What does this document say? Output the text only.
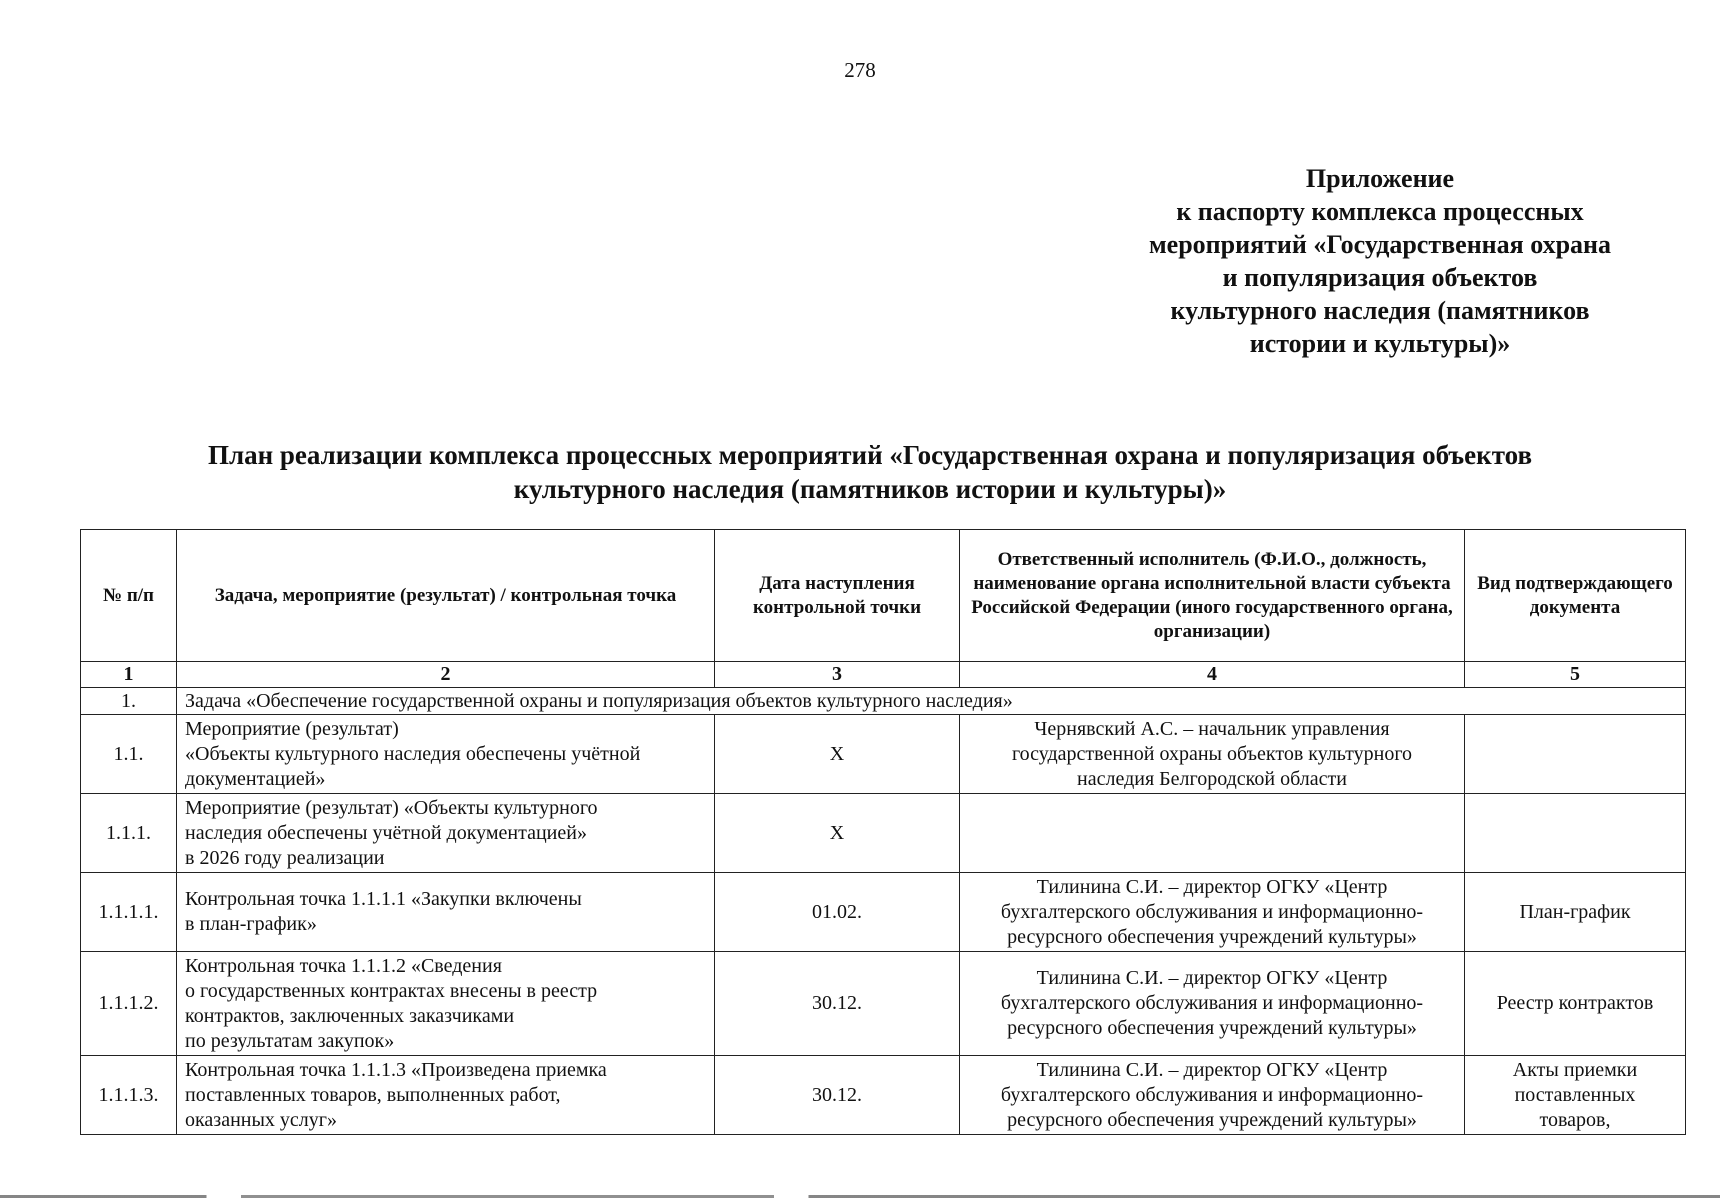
278
Приложение
к паспорту комплекса процессных
мероприятий «Государственная охрана
и популяризация объектов
культурного наследия (памятников
истории и культуры)»
План реализации комплекса процессных мероприятий «Государственная охрана и популяризация объектов
культурного наследия (памятников истории и культуры)»
№ п/п	Задача, мероприятие (результат) / контрольная точка	Дата наступления контрольной точки	Ответственный исполнитель (Ф.И.О., должность, наименование органа исполнительной власти субъекта Российской Федерации (иного государственного органа, организации)	Вид подтверждающего документа
1	2	3	4	5
1.	Задача «Обеспечение государственной охраны и популяризация объектов культурного наследия»			
1.1.	Мероприятие (результат)
«Объекты культурного наследия обеспечены учётной
документацией»	X	Чернявский А.С. – начальник управления
государственной охраны объектов культурного
наследия Белгородской области	

1.1.1.	Мероприятие (результат) «Объекты культурного
наследия обеспечены учётной документацией»
в 2026 году реализации	X		
1.1.1.1.	Контрольная точка 1.1.1.1 «Закупки включены
в план-график»	01.02.	Тилинина С.И. – директор ОГКУ «Центр
бухгалтерского обслуживания и информационно-
ресурсного обеспечения учреждений культуры»	План-график

1.1.1.2.	Контрольная точка 1.1.1.2 «Сведения
о государственных контрактах внесены в реестр
контрактов, заключенных заказчиками
по результатам закупок»	30.12.	Тилинина С.И. – директор ОГКУ «Центр
бухгалтерского обслуживания и информационно-
ресурсного обеспечения учреждений культуры»	Реестр контрактов

1.1.1.3.	Контрольная точка 1.1.1.3 «Произведена приемка
поставленных товаров, выполненных работ,
оказанных услуг»	30.12.	Тилинина С.И. – директор ОГКУ «Центр
бухгалтерского обслуживания и информационно-
ресурсного обеспечения учреждений культуры»	Акты приемки
поставленных
товаров,
